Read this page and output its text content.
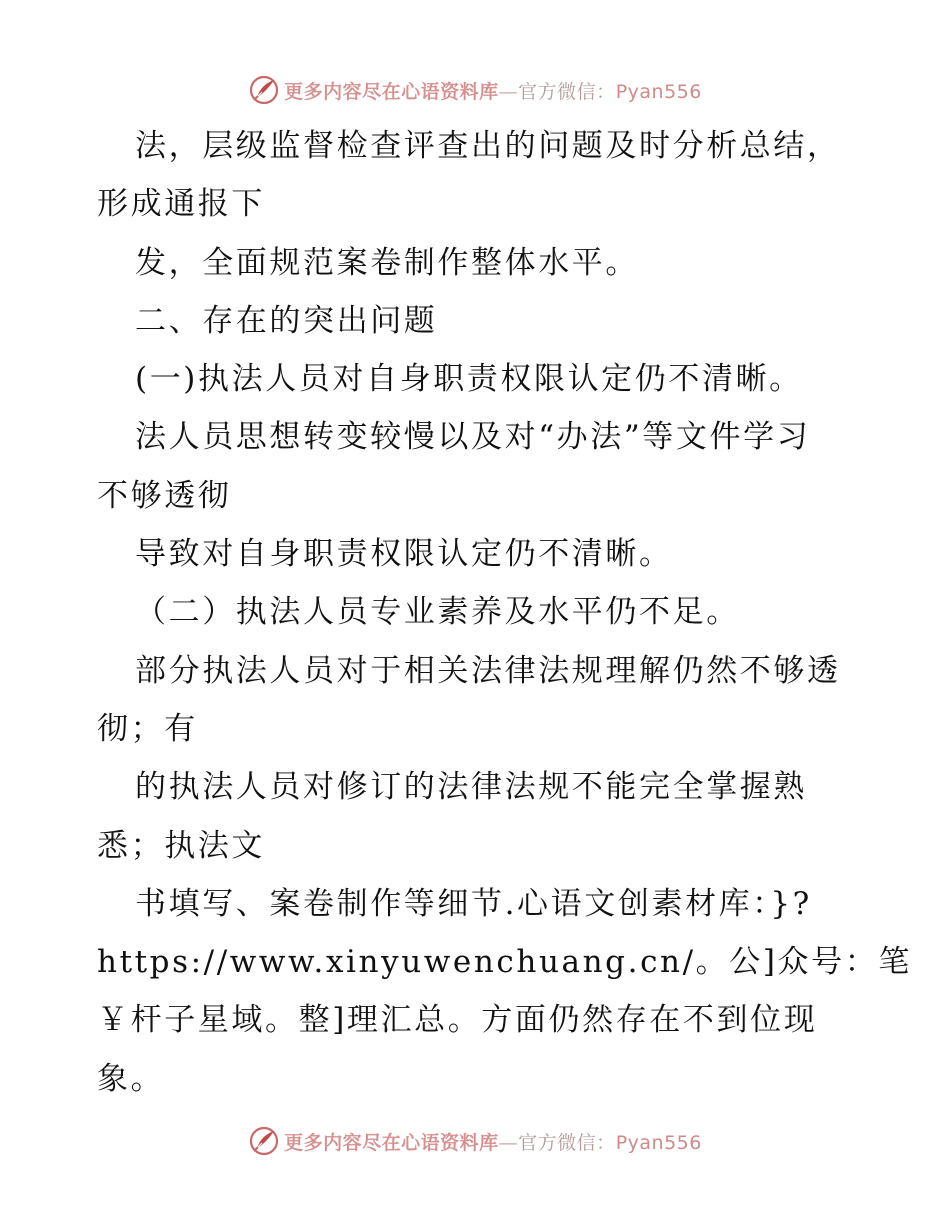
更多内容尽在心语资料库—官方微信：Pyan556
法，层级监督检查评查出的问题及时分析总结，
形成通报下
发，全面规范案卷制作整体水平。
二、存在的突出问题
(一)执法人员对自身职责权限认定仍不清晰。
法人员思想转变较慢以及对“办法”等文件学习
不够透彻
导致对自身职责权限认定仍不清晰。
（二）执法人员专业素养及水平仍不足。
部分执法人员对于相关法律法规理解仍然不够透
彻；有
的执法人员对修订的法律法规不能完全掌握熟
悉；执法文
书填写、案卷制作等细节.心语文创素材库：}?
https://www.xinyuwenchuang.cn/。公]众号：笔
￥杆子星域。整]理汇总。方面仍然存在不到位现
象。
更多内容尽在心语资料库—官方微信：Pyan556
